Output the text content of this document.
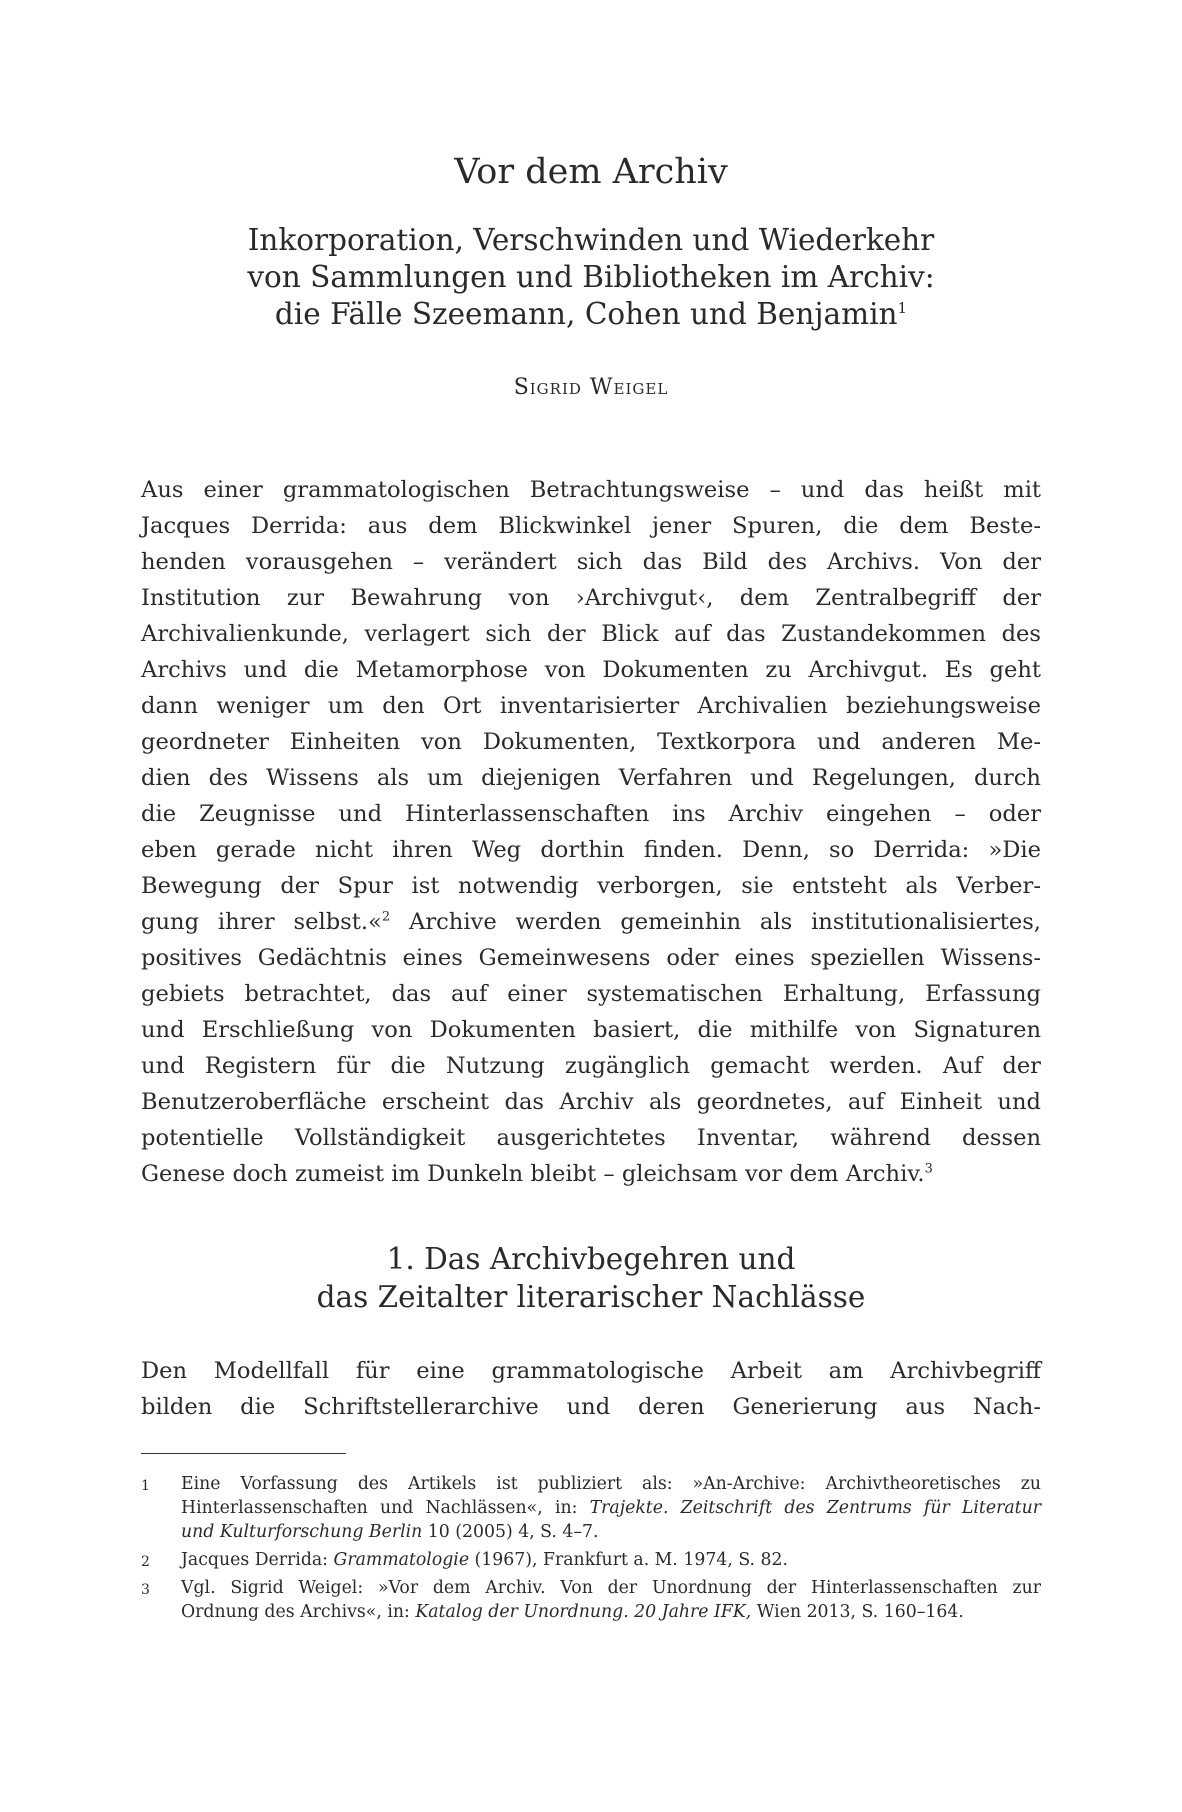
Vor dem Archiv
Inkorporation, Verschwinden und Wiederkehr
von Sammlungen und Bibliotheken im Archiv:
die Fälle Szeemann, Cohen und Benjamin$^1$
Sigrid Weigel
Aus einer grammatologischen Betrachtungsweise – und das heißt mit
Jacques Derrida: aus dem Blickwinkel jener Spuren, die dem Beste-
henden vorausgehen – verändert sich das Bild des Archivs. Von der
Institution zur Bewahrung von ›Archivgut‹, dem Zentralbegriff der
Archivalienkunde, verlagert sich der Blick auf das Zustandekommen des
Archivs und die Metamorphose von Dokumenten zu Archivgut. Es geht
dann weniger um den Ort inventarisierter Archivalien beziehungsweise
geordneter Einheiten von Dokumenten, Textkorpora und anderen Me-
dien des Wissens als um diejenigen Verfahren und Regelungen, durch
die Zeugnisse und Hinterlassenschaften ins Archiv eingehen – oder
eben gerade nicht ihren Weg dorthin finden. Denn, so Derrida: »Die
Bewegung der Spur ist notwendig verborgen, sie entsteht als Verber-
gung ihrer selbst.«$^2$ Archive werden gemeinhin als institutionalisiertes,
positives Gedächtnis eines Gemeinwesens oder eines speziellen Wissens-
gebiets betrachtet, das auf einer systematischen Erhaltung, Erfassung
und Erschließung von Dokumenten basiert, die mithilfe von Signaturen
und Registern für die Nutzung zugänglich gemacht werden. Auf der
Benutzeroberfläche erscheint das Archiv als geordnetes, auf Einheit und
potentielle Vollständigkeit ausgerichtetes Inventar, während dessen
Genese doch zumeist im Dunkeln bleibt – gleichsam vor dem Archiv.$^3$
1. Das Archivbegehren und
das Zeitalter literarischer Nachlässe
Den Modellfall für eine grammatologische Arbeit am Archivbegriff
bilden die Schriftstellerarchive und deren Generierung aus Nach-
1 Eine Vorfassung des Artikels ist publiziert als: »An-Archive: Archivtheoretisches zu
Hinterlassenschaften und Nachlässen«, in: Trajekte. Zeitschrift des Zentrums für Literatur
und Kulturforschung Berlin 10 (2005) 4, S. 4–7.
2 Jacques Derrida: Grammatologie (1967), Frankfurt a. M. 1974, S. 82.
3 Vgl. Sigrid Weigel: »Vor dem Archiv. Von der Unordnung der Hinterlassenschaften zur
Ordnung des Archivs«, in: Katalog der Unordnung. 20 Jahre IFK, Wien 2013, S. 160–164.
